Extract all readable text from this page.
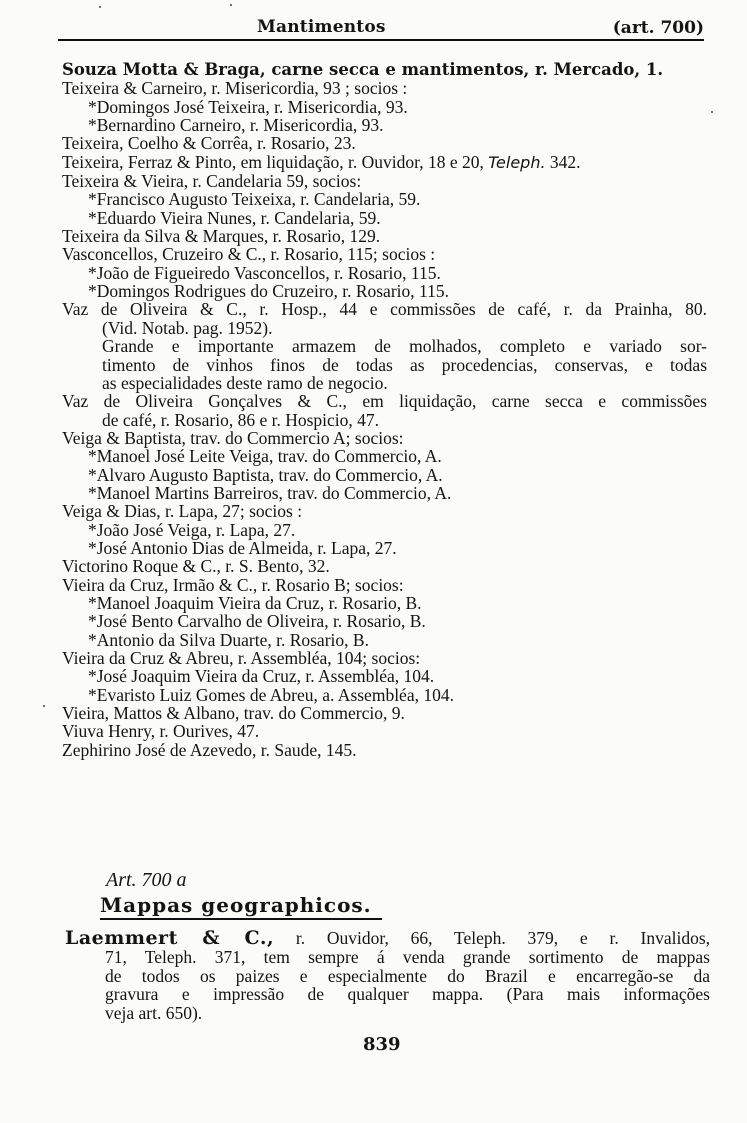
Mantimentos	(art. 700)
Souza Motta & Braga, carne secca e mantimentos, r. Mercado, 1.
Teixeira & Carneiro, r. Misericordia, 93 ; socios :
*Domingos José Teixeira, r. Misericordia, 93.
*Bernardino Carneiro, r. Misericordia, 93.
Teixeira, Coelho & Corrêa, r. Rosario, 23.
Teixeira, Ferraz & Pinto, em liquidação, r. Ouvidor, 18 e 20, Teleph. 342.
Teixeira & Vieira, r. Candelaria 59, socios:
*Francisco Augusto Teixeixa, r. Candelaria, 59.
*Eduardo Vieira Nunes, r. Candelaria, 59.
Teixeira da Silva & Marques, r. Rosario, 129.
Vasconcellos, Cruzeiro & C., r. Rosario, 115; socios :
*João de Figueiredo Vasconcellos, r. Rosario, 115.
*Domingos Rodrigues do Cruzeiro, r. Rosario, 115.
Vaz de Oliveira & C., r. Hosp., 44 e commissões de café, r. da Prainha, 80.
(Vid. Notab. pag. 1952).
Grande e importante armazem de molhados, completo e variado sor-
timento de vinhos finos de todas as procedencias, conservas, e todas
as especialidades deste ramo de negocio.
Vaz de Oliveira Gonçalves & C., em liquidação, carne secca e commissões
de café, r. Rosario, 86 e r. Hospicio, 47.
Veiga & Baptista, trav. do Commercio A; socios:
*Manoel José Leite Veiga, trav. do Commercio, A.
*Alvaro Augusto Baptista, trav. do Commercio, A.
*Manoel Martins Barreiros, trav. do Commercio, A.
Veiga & Dias, r. Lapa, 27; socios :
*João José Veiga, r. Lapa, 27.
*José Antonio Dias de Almeida, r. Lapa, 27.
Victorino Roque & C., r. S. Bento, 32.
Vieira da Cruz, Irmão & C., r. Rosario B; socios:
*Manoel Joaquim Vieira da Cruz, r. Rosario, B.
*José Bento Carvalho de Oliveira, r. Rosario, B.
*Antonio da Silva Duarte, r. Rosario, B.
Vieira da Cruz & Abreu, r. Assembléa, 104; socios:
*José Joaquim Vieira da Cruz, r. Assembléa, 104.
*Evaristo Luiz Gomes de Abreu, a. Assembléa, 104.
Vieira, Mattos & Albano, trav. do Commercio, 9.
Viuva Henry, r. Ourives, 47.
Zephirino José de Azevedo, r. Saude, 145.
Art. 700 a
Mappas geographicos.
Laemmert & C., r. Ouvidor, 66, Teleph. 379, e r. Invalidos,
71, Teleph. 371, tem sempre á venda grande sortimento de mappas
de todos os paizes e especialmente do Brazil e encarregão-se da
gravura e impressão de qualquer mappa. (Para mais informações
veja art. 650).
839
